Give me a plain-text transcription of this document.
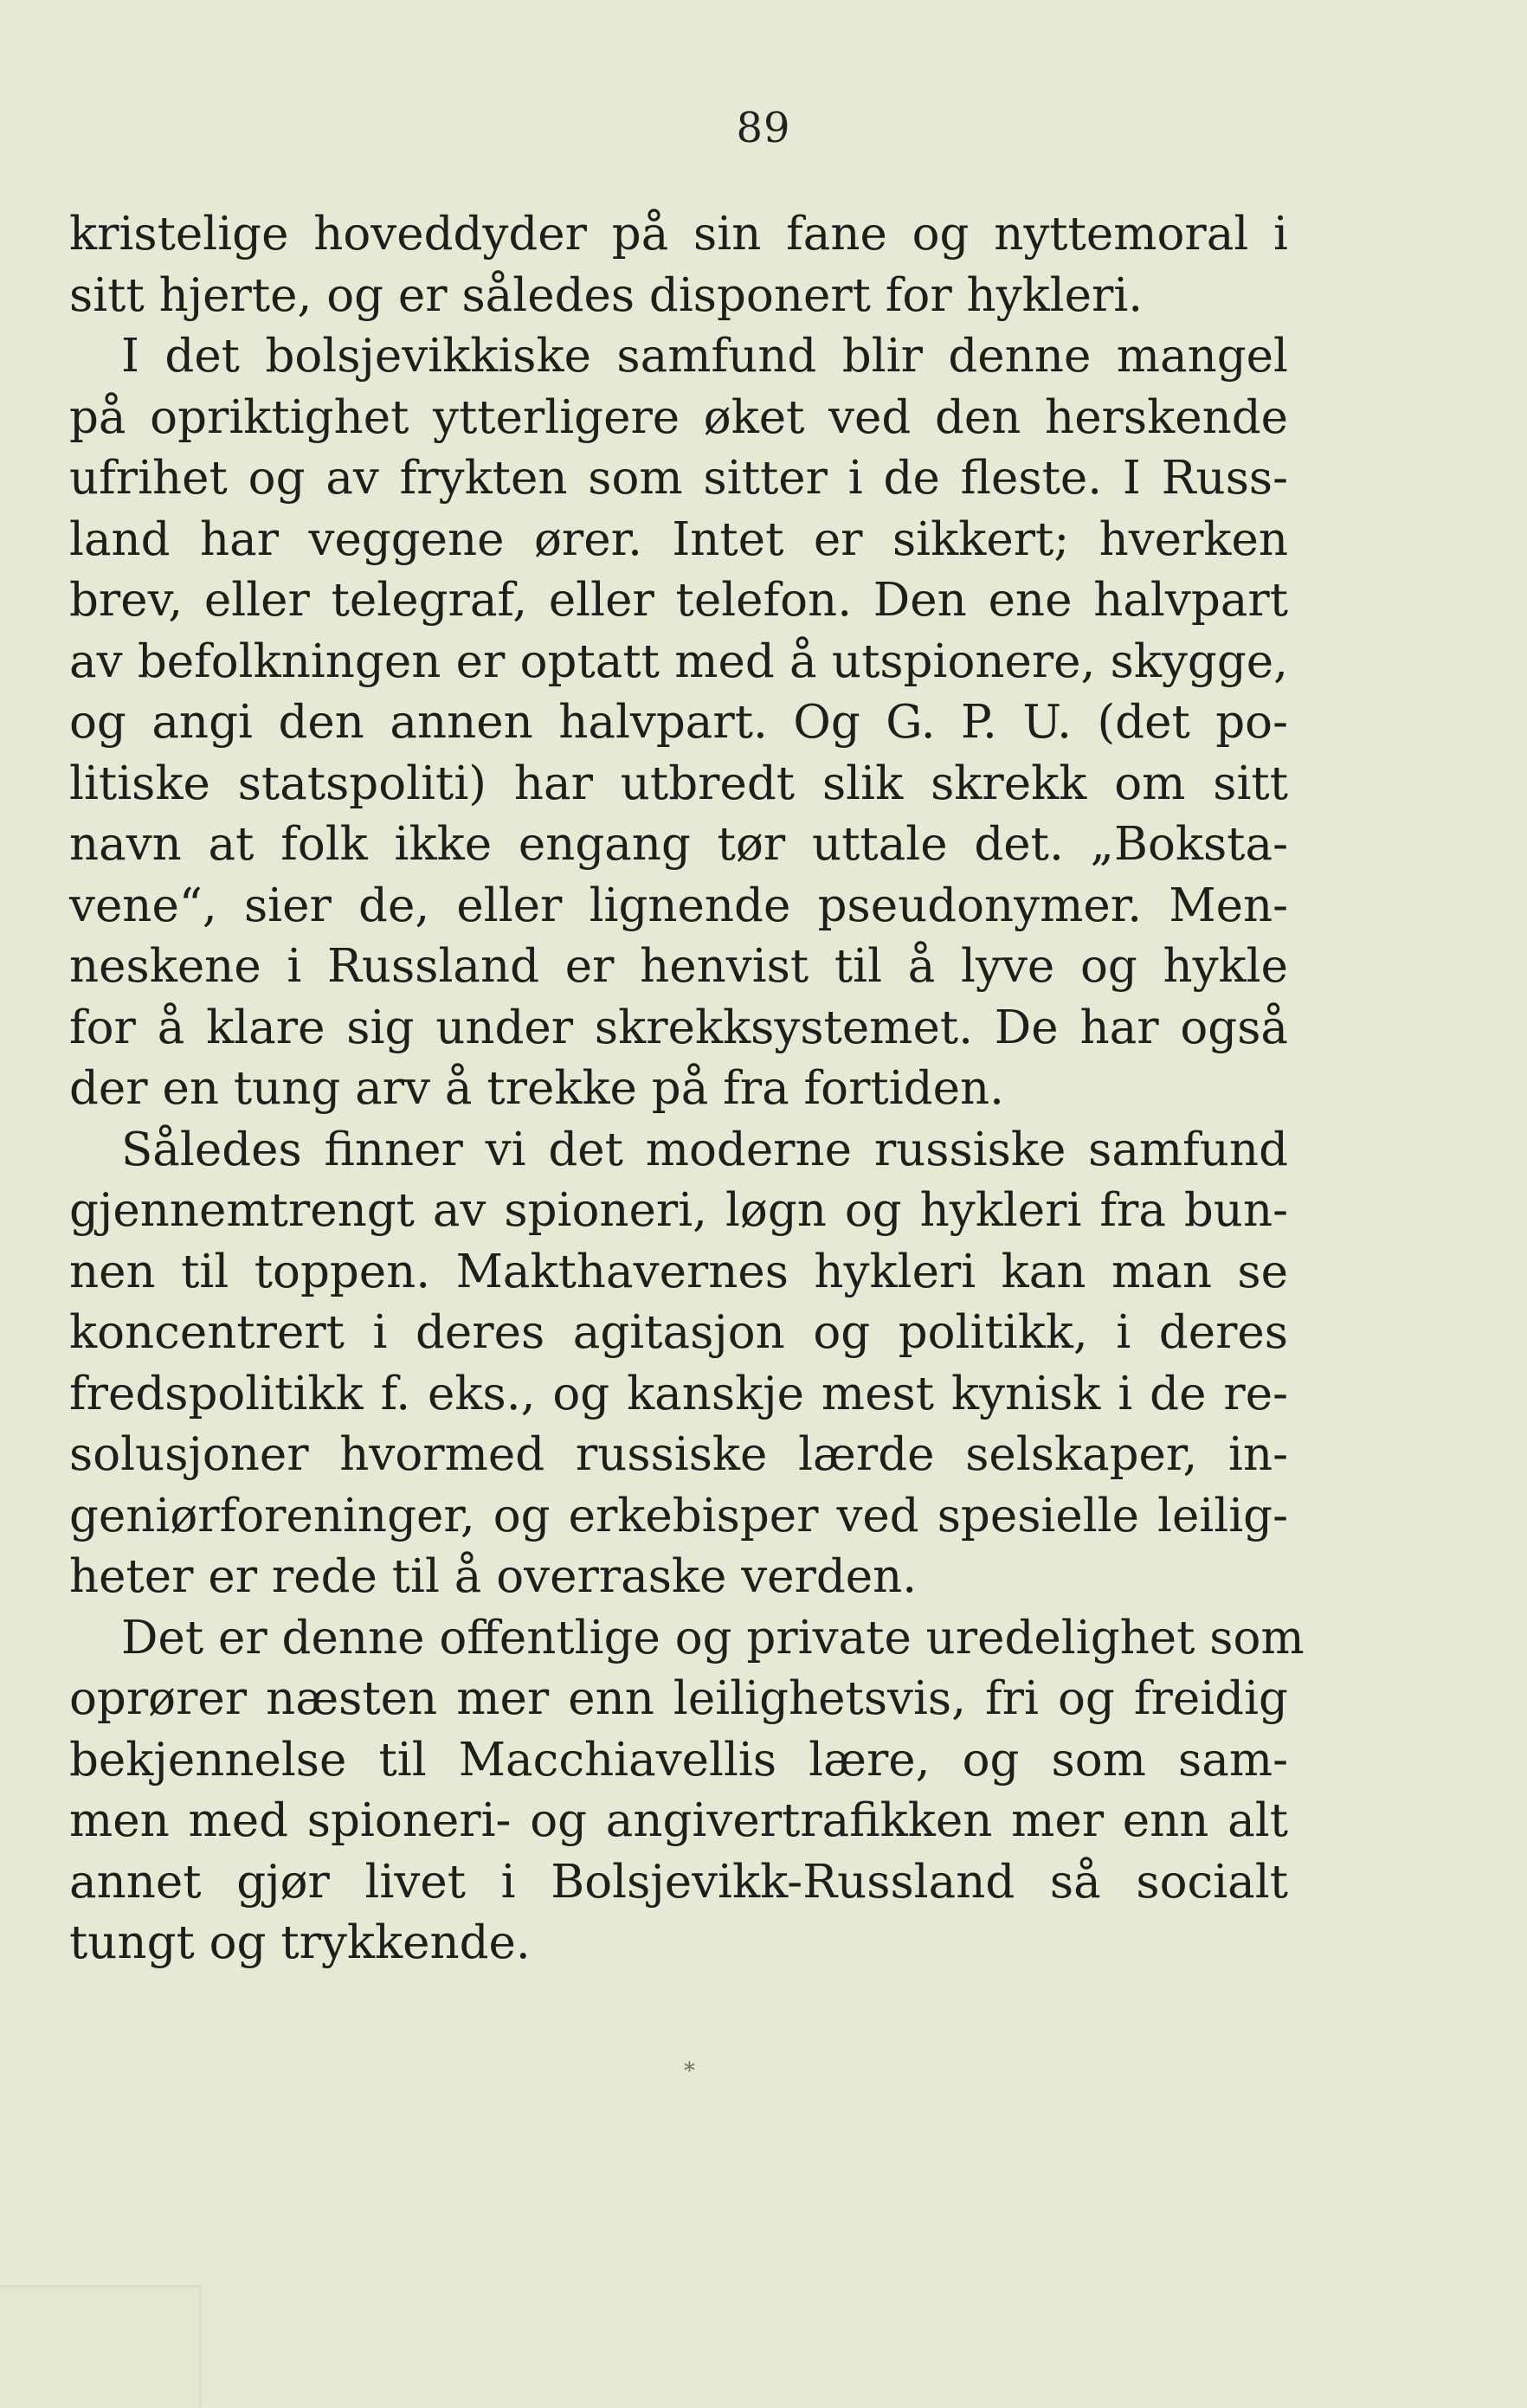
89
kristelige hoveddyder på sin fane og nyttemoral i
sitt hjerte, og er således disponert for hykleri.
I det bolsjevikkiske samfund blir denne mangel
på opriktighet ytterligere øket ved den herskende
ufrihet og av frykten som sitter i de fleste. I Russ-
land har veggene ører. Intet er sikkert; hverken
brev, eller telegraf, eller telefon. Den ene halvpart
av befolkningen er optatt med å utspionere, skygge,
og angi den annen halvpart. Og G. P. U. (det po-
litiske statspoliti) har utbredt slik skrekk om sitt
navn at folk ikke engang tør uttale det. „Boksta-
vene“, sier de, eller lignende pseudonymer. Men-
neskene i Russland er henvist til å lyve og hykle
for å klare sig under skrekksystemet. De har også
der en tung arv å trekke på fra fortiden.
Således finner vi det moderne russiske samfund
gjennemtrengt av spioneri, løgn og hykleri fra bun-
nen til toppen. Makthavernes hykleri kan man se
koncentrert i deres agitasjon og politikk, i deres
fredspolitikk f. eks., og kanskje mest kynisk i de re-
solusjoner hvormed russiske lærde selskaper, in-
geniørforeninger, og erkebisper ved spesielle leilig-
heter er rede til å overraske verden.
Det er denne offentlige og private uredelighet som
oprører næsten mer enn leilighetsvis, fri og freidig
bekjennelse til Macchiavellis lære, og som sam-
men med spioneri- og angivertrafikken mer enn alt
annet gjør livet i Bolsjevikk-Russland så socialt
tungt og trykkende.
*
